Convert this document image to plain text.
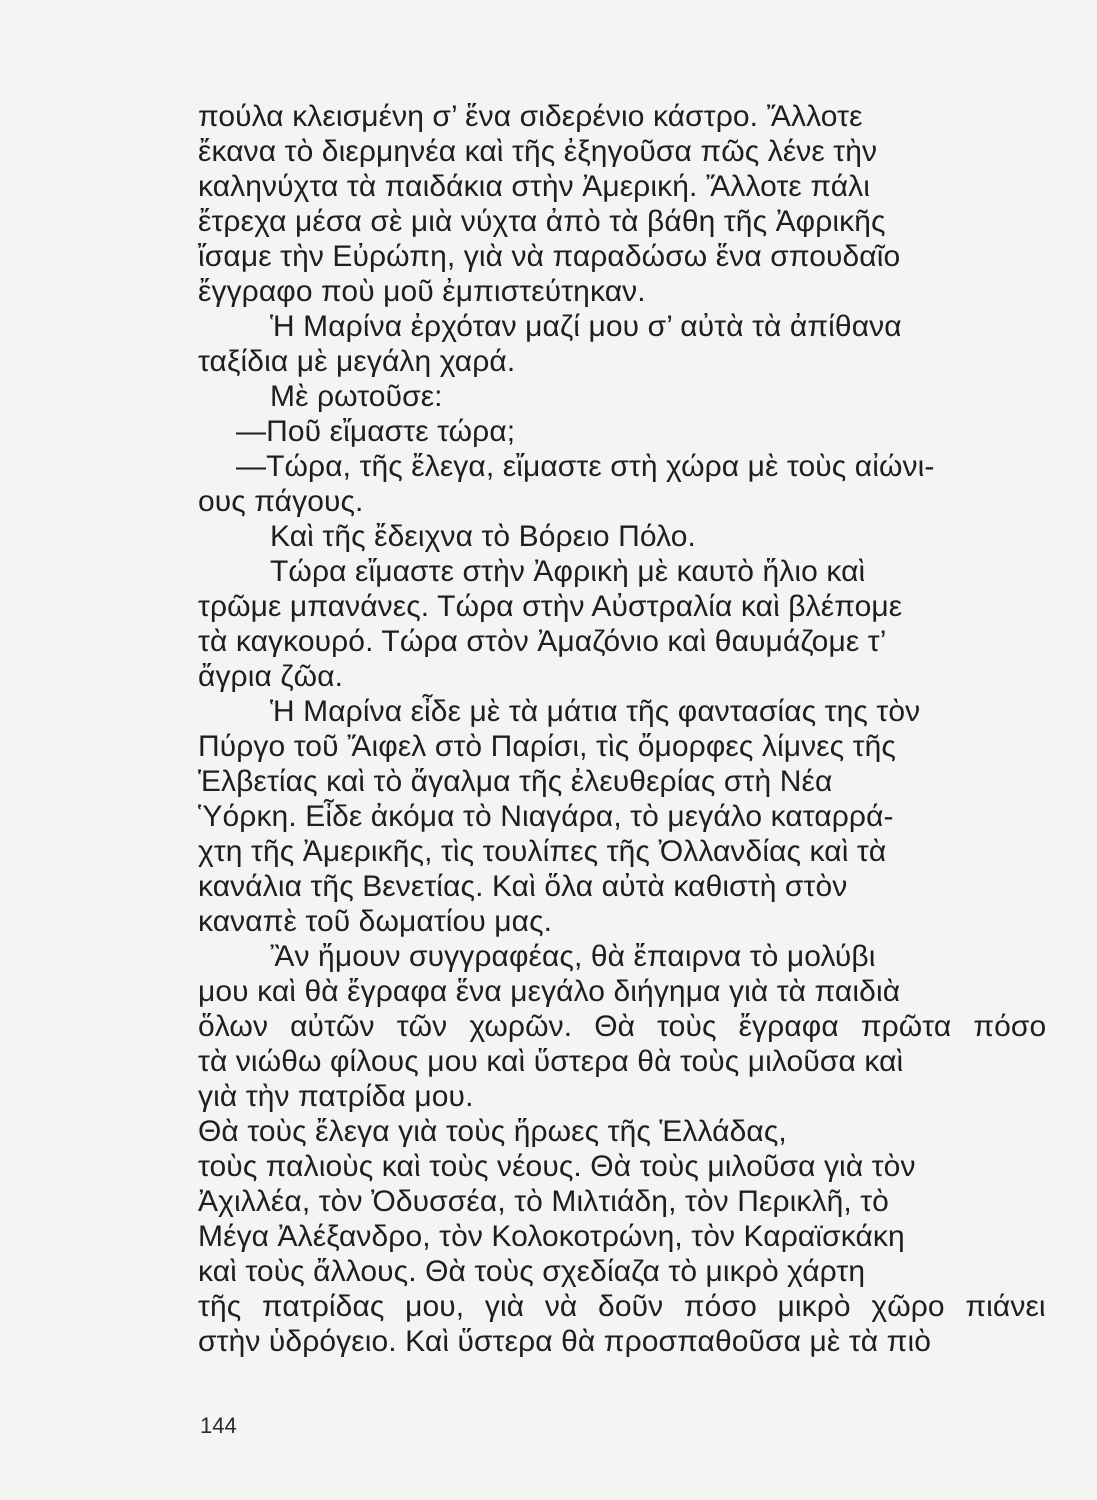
πούλα κλεισμένη σ’ ἕνα σιδερένιο κάστρο. Ἄλλοτε
ἔκανα τὸ διερμηνέα καὶ τῆς ἐξηγοῦσα πῶς λένε τὴν
καληνύχτα τὰ παιδάκια στὴν Ἀμερική. Ἄλλοτε πάλι
ἔτρεχα μέσα σὲ μιὰ νύχτα ἀπὸ τὰ βάθη τῆς Ἀφρικῆς
ἴσαμε τὴν Εὐρώπη, γιὰ νὰ παραδώσω ἕνα σπουδαῖο
ἔγγραφο ποὺ μοῦ ἐμπιστεύτηκαν.
Ἡ Μαρίνα ἐρχόταν μαζί μου σ’ αὐτὰ τὰ ἀπίθανα
ταξίδια μὲ μεγάλη χαρά.
Μὲ ρωτοῦσε:
—Ποῦ εἴμαστε τώρα;
—Τώρα, τῆς ἔλεγα, εἴμαστε στὴ χώρα μὲ τοὺς αἰώνι-
ους πάγους.
Καὶ τῆς ἔδειχνα τὸ Βόρειο Πόλο.
Τώρα εἴμαστε στὴν Ἀφρικὴ μὲ καυτὸ ἥλιο καὶ
τρῶμε μπανάνες. Τώρα στὴν Αὐστραλία καὶ βλέπομε
τὰ καγκουρό. Τώρα στὸν Ἀμαζόνιο καὶ θαυμάζομε τ’
ἄγρια ζῶα.
Ἡ Μαρίνα εἶδε μὲ τὰ μάτια τῆς φαντασίας της τὸν
Πύργο τοῦ Ἄιφελ στὸ Παρίσι, τὶς ὄμορφες λίμνες τῆς
Ἑλβετίας καὶ τὸ ἄγαλμα τῆς ἐλευθερίας στὴ Νέα
Ὑόρκη. Εἶδε ἀκόμα τὸ Νιαγάρα, τὸ μεγάλο καταρρά-
χτη τῆς Ἀμερικῆς, τὶς τουλίπες τῆς Ὀλλανδίας καὶ τὰ
κανάλια τῆς Βενετίας. Καὶ ὅλα αὐτὰ καθιστὴ στὸν
καναπὲ τοῦ δωματίου μας.
Ἂν ἤμουν συγγραφέας, θὰ ἔπαιρνα τὸ μολύβι
μου καὶ θὰ ἔγραφα ἕνα μεγάλο διήγημα γιὰ τὰ παιδιὰ
ὅλων αὐτῶν τῶν χωρῶν. Θὰ τοὺς ἔγραφα πρῶτα πόσο
τὰ νιώθω φίλους μου καὶ ὕστερα θὰ τοὺς μιλοῦσα καὶ
γιὰ τὴν πατρίδα μου.
Θὰ τοὺς ἔλεγα γιὰ τοὺς ἥρωες τῆς Ἑλλάδας,
τοὺς παλιοὺς καὶ τοὺς νέους. Θὰ τοὺς μιλοῦσα γιὰ τὸν
Ἀχιλλέα, τὸν Ὀδυσσέα, τὸ Μιλτιάδη, τὸν Περικλῆ, τὸ
Μέγα Ἀλέξανδρο, τὸν Κολοκοτρώνη, τὸν Καραϊσκάκη
καὶ τοὺς ἄλλους. Θὰ τοὺς σχεδίαζα τὸ μικρὸ χάρτη
τῆς πατρίδας μου, γιὰ νὰ δοῦν πόσο μικρὸ χῶρο πιάνει
στὴν ὑδρόγειο. Καὶ ὕστερα θὰ προσπαθοῦσα μὲ τὰ πιὸ
144
